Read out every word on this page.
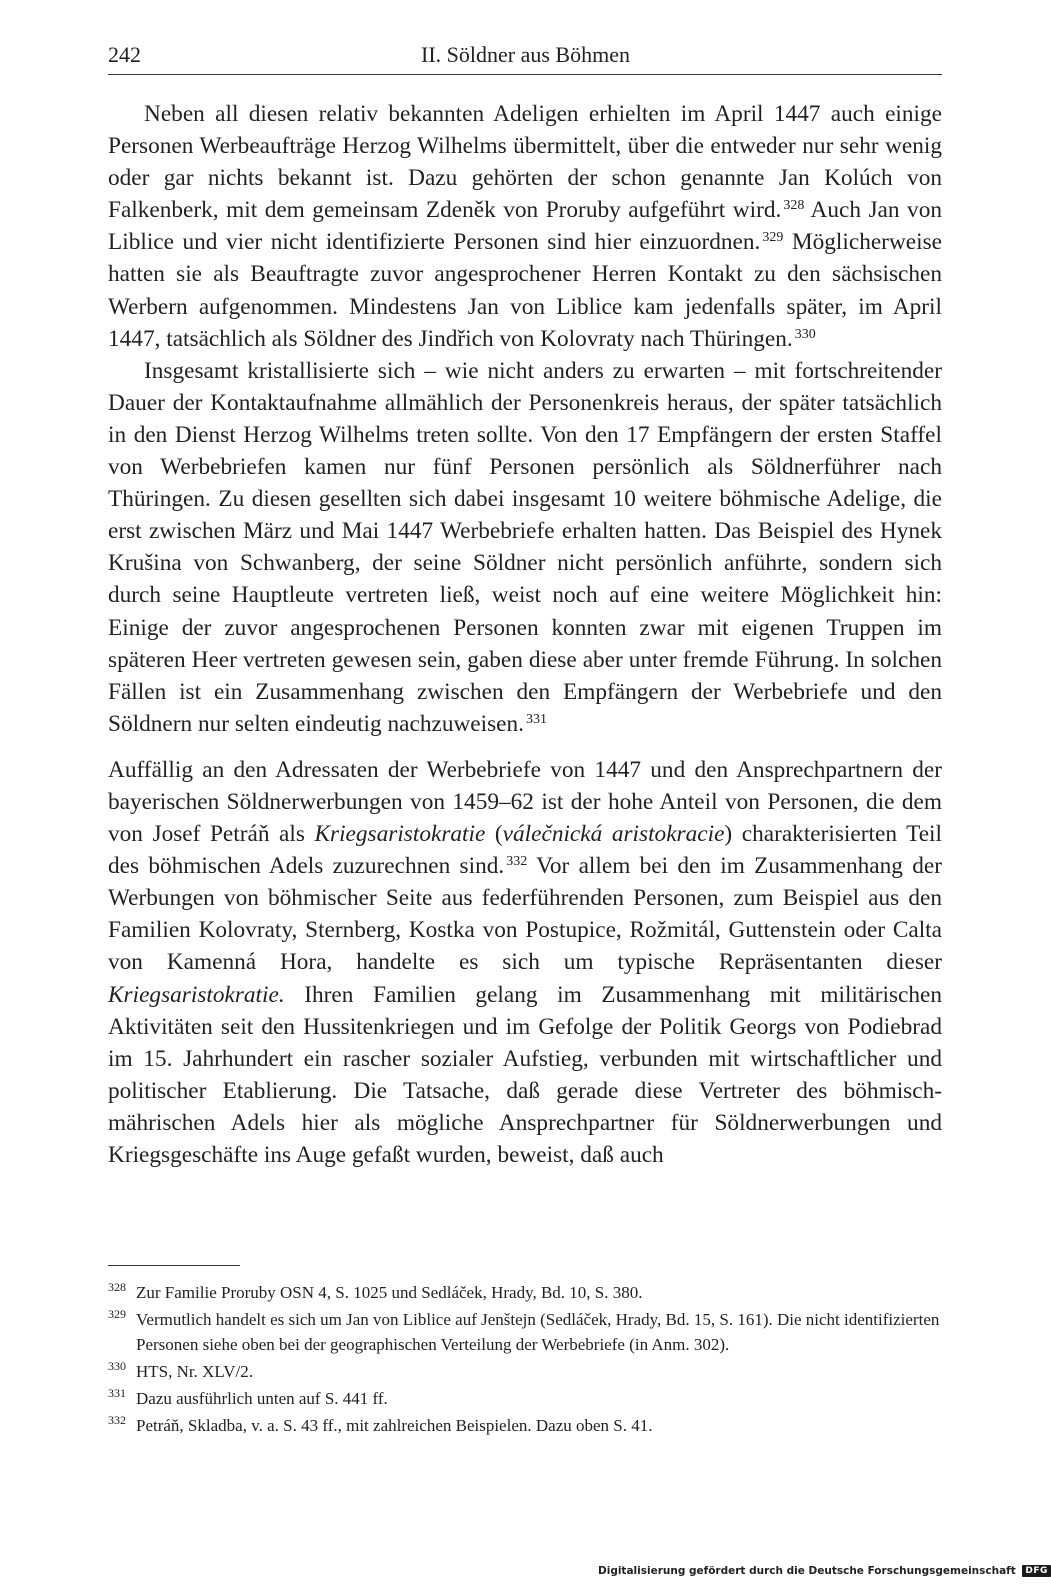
242	II. Söldner aus Böhmen

Neben all diesen relativ bekannten Adeligen erhielten im April 1447 auch einige Personen Werbeaufträge Herzog Wilhelms übermittelt, über die entweder nur sehr wenig oder gar nichts bekannt ist. Dazu gehörten der schon genannte Jan Kolúch von Falkenberk, mit dem gemeinsam Zdeněk von Proruby aufgeführt wird. $^{328}$ Auch Jan von Liblice und vier nicht identifizierte Personen sind hier einzuordnen. $^{329}$ Möglicherweise hatten sie als Beauftragte zuvor angesprochener Herren Kontakt zu den sächsischen Werbern aufgenommen. Mindestens Jan von Liblice kam jedenfalls später, im April 1447, tatsächlich als Söldner des Jindřich von Kolovraty nach Thüringen. $^{330}$

Insgesamt kristallisierte sich – wie nicht anders zu erwarten – mit fortschreitender Dauer der Kontaktaufnahme allmählich der Personenkreis heraus, der später tatsächlich in den Dienst Herzog Wilhelms treten sollte. Von den 17 Empfängern der ersten Staffel von Werbebriefen kamen nur fünf Personen persönlich als Söldnerführer nach Thüringen. Zu diesen gesellten sich dabei insgesamt 10 weitere böhmische Adelige, die erst zwischen März und Mai 1447 Werbebriefe erhalten hatten. Das Beispiel des Hynek Krušina von Schwanberg, der seine Söldner nicht persönlich anführte, sondern sich durch seine Hauptleute vertreten ließ, weist noch auf eine weitere Möglichkeit hin: Einige der zuvor angesprochenen Personen konnten zwar mit eigenen Truppen im späteren Heer vertreten gewesen sein, gaben diese aber unter fremde Führung. In solchen Fällen ist ein Zusammenhang zwischen den Empfängern der Werbebriefe und den Söldnern nur selten eindeutig nachzuweisen. $^{331}$

Auffällig an den Adressaten der Werbebriefe von 1447 und den Ansprechpartnern der bayerischen Söldnerwerbungen von 1459–62 ist der hohe Anteil von Personen, die dem von Josef Petráň als Kriegsaristokratie (válečnická aristokracie) charakterisierten Teil des böhmischen Adels zuzurechnen sind. $^{332}$ Vor allem bei den im Zusammenhang der Werbungen von böhmischer Seite aus federführenden Personen, zum Beispiel aus den Familien Kolovraty, Sternberg, Kostka von Postupice, Rožmitál, Guttenstein oder Calta von Kamenná Hora, handelte es sich um typische Repräsentanten dieser Kriegsaristokratie. Ihren Familien gelang im Zusammenhang mit militärischen Aktivitäten seit den Hussitenkriegen und im Gefolge der Politik Georgs von Podiebrad im 15. Jahrhundert ein rascher sozialer Aufstieg, verbunden mit wirtschaftlicher und politischer Etablierung. Die Tatsache, daß gerade diese Vertreter des böhmisch-mährischen Adels hier als mögliche Ansprechpartner für Söldnerwerbungen und Kriegsgeschäfte ins Auge gefaßt wurden, beweist, daß auch

328 Zur Familie Proruby OSN 4, S. 1025 und Sedláček, Hrady, Bd. 10, S. 380.
329 Vermutlich handelt es sich um Jan von Liblice auf Jenštejn (Sedláček, Hrady, Bd. 15, S. 161). Die nicht identifizierten Personen siehe oben bei der geographischen Verteilung der Werbebriefe (in Anm. 302).
330 HTS, Nr. XLV/2.
331 Dazu ausführlich unten auf S. 441 ff.
332 Petráň, Skladba, v. a. S. 43 ff., mit zahlreichen Beispielen. Dazu oben S. 41.
Digitalisierung gefördert durch die Deutsche Forschungsgemeinschaft DFG
